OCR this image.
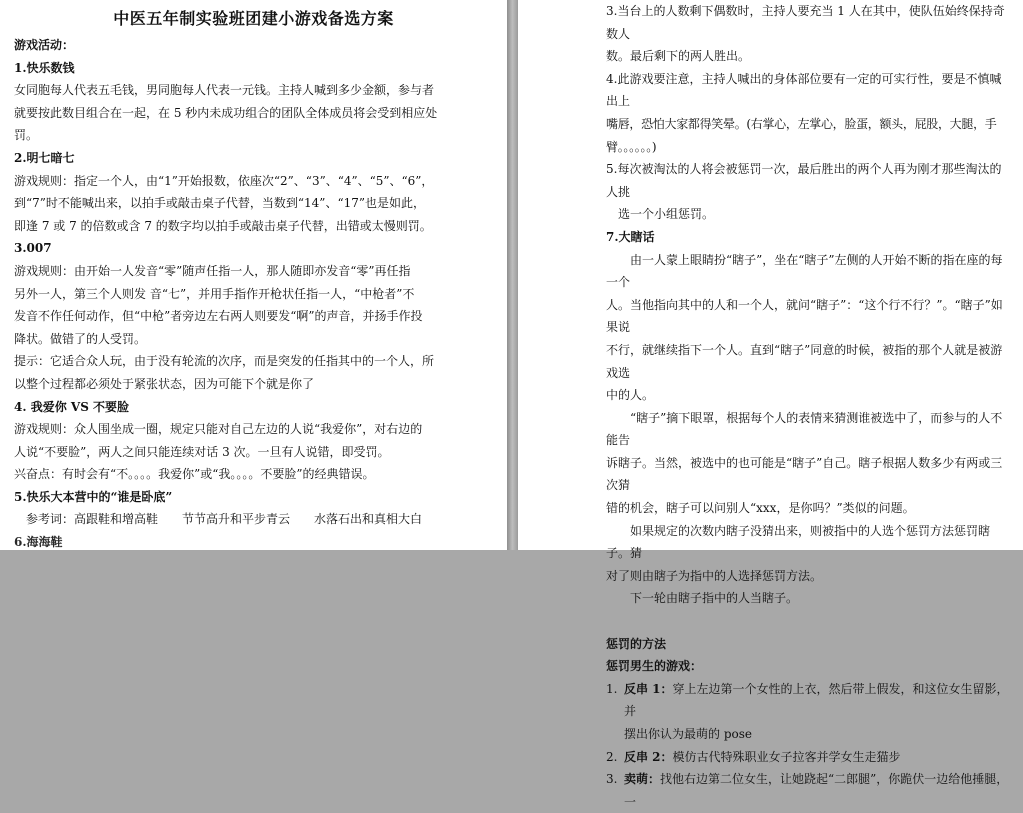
中医五年制实验班团建小游戏备选方案

游戏活动：

1.快乐数钱

女同胞每人代表五毛钱，男同胞每人代表一元钱。主持人喊到多少金额，参与者

就要按此数目组合在一起，在 5 秒内未成功组合的团队全体成员将会受到相应处

罚。

2.明七暗七

游戏规则：指定一个人，由“1”开始报数，依座次“2”、“3”、“4”、“5”、“6”，

到“7”时不能喊出来，以拍手或敲击桌子代替，当数到“14”、“17”也是如此，

即逢 7 或 7 的倍数或含 7 的数字均以拍手或敲击桌子代替，出错或太慢则罚。

3.007

游戏规则：由开始一人发音“零”随声任指一人，那人随即亦发音“零”再任指

另外一人，第三个人则发 音“七”，并用手指作开枪状任指一人，“中枪者”不

发音不作任何动作，但“中枪”者旁边左右两人则要发“啊”的声音，并扬手作投

降状。做错了的人受罚。

提示：它适合众人玩，由于没有轮流的次序，而是突发的任指其中的一个人，所

以整个过程都必须处于紧张状态，因为可能下个就是你了

4. 我爱你 VS 不要脸

游戏规则：众人围坐成一圈，规定只能对自己左边的人说“我爱你”，对右边的

人说“不要脸”，两人之间只能连续对话 3 次。一旦有人说错，即受罚。

兴奋点：有时会有“不。。。。我爱你”或“我。。。。不要脸”的经典错误。

5.快乐大本营中的“谁是卧底”

参考词：高跟鞋和增高鞋　　节节高升和平步青云　　水落石出和真相大白

6.海海鞋

3.当台上的人数剩下偶数时，主持人要充当 1 人在其中，使队伍始终保持奇数人

数。最后剩下的两人胜出。

4.此游戏要注意，主持人喊出的身体部位要有一定的可实行性，要是不慎喊出上

嘴唇，恐怕大家都得笑晕。(右掌心，左掌心，脸蛋，额头，屁股，大腿，手臂。。。。。。)

5.每次被淘汰的人将会被惩罚一次，最后胜出的两个人再为刚才那些淘汰的人挑

选一个小组惩罚。

7.大瞎话

由一人蒙上眼睛扮“瞎子”，坐在“瞎子”左侧的人开始不断的指在座的每一个

人。当他指向其中的人和一个人，就问“瞎子”：“这个行不行？”。“瞎子”如果说

不行，就继续指下一个人。直到“瞎子”同意的时候，被指的那个人就是被游戏选

中的人。

“瞎子”摘下眼罩，根据每个人的表情来猜测谁被选中了，而参与的人不能告

诉瞎子。当然，被选中的也可能是“瞎子”自己。瞎子根据人数多少有两或三次猜

错的机会，瞎子可以问别人“xxx，是你吗？”类似的问题。

如果规定的次数内瞎子没猜出来，则被指中的人选个惩罚方法惩罚瞎子。猜

对了则由瞎子为指中的人选择惩罚方法。

下一轮由瞎子指中的人当瞎子。

惩罚的方法

惩罚男生的游戏：

1. 反串 1：穿上左边第一个女性的上衣，然后带上假发，和这位女生留影，并

摆出你认为最萌的 pose

2. 反串 2：模仿古代特殊职业女子拉客并学女生走猫步

3. 卖萌：找他右边第二位女生，让她跷起“二郎腿”，你跪伏一边给他捶腿，一
